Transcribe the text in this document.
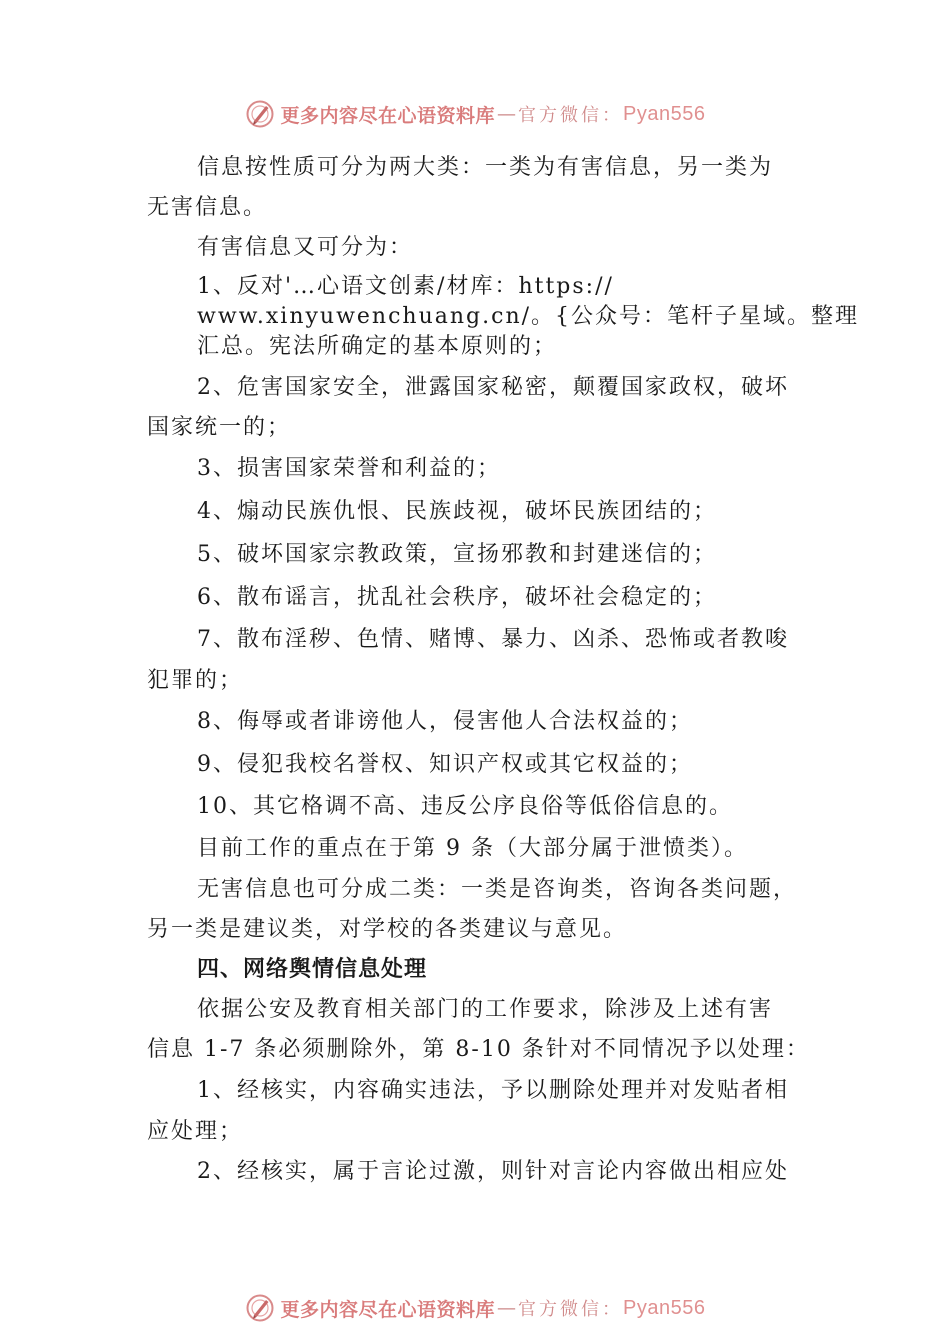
更多内容尽在心语资料库 — 官方微信： Pyan556

信息按性质可分为两大类：一类为有害信息，另一类为

无害信息。

有害信息又可分为：

1、反对'…心语文创素/材库：https://

www.xinyuwenchuang.cn/。{公众号：笔杆子星域。整理

汇总。宪法所确定的基本原则的；

2、危害国家安全，泄露国家秘密，颠覆国家政权，破坏

国家统一的；

3、损害国家荣誉和利益的；

4、煽动民族仇恨、民族歧视，破坏民族团结的；

5、破坏国家宗教政策，宣扬邪教和封建迷信的；

6、散布谣言，扰乱社会秩序，破坏社会稳定的；

7、散布淫秽、色情、赌博、暴力、凶杀、恐怖或者教唆

犯罪的；

8、侮辱或者诽谤他人，侵害他人合法权益的；

9、侵犯我校名誉权、知识产权或其它权益的；

10、其它格调不高、违反公序良俗等低俗信息的。

目前工作的重点在于第 9 条（大部分属于泄愤类）。

无害信息也可分成二类：一类是咨询类，咨询各类问题，

另一类是建议类，对学校的各类建议与意见。

四、网络舆情信息处理

依据公安及教育相关部门的工作要求，除涉及上述有害

信息 1-7 条必须删除外，第 8-10 条针对不同情况予以处理：

1、经核实，内容确实违法，予以删除处理并对发贴者相

应处理；

2、经核实，属于言论过激，则针对言论内容做出相应处

更多内容尽在心语资料库 — 官方微信： Pyan556
